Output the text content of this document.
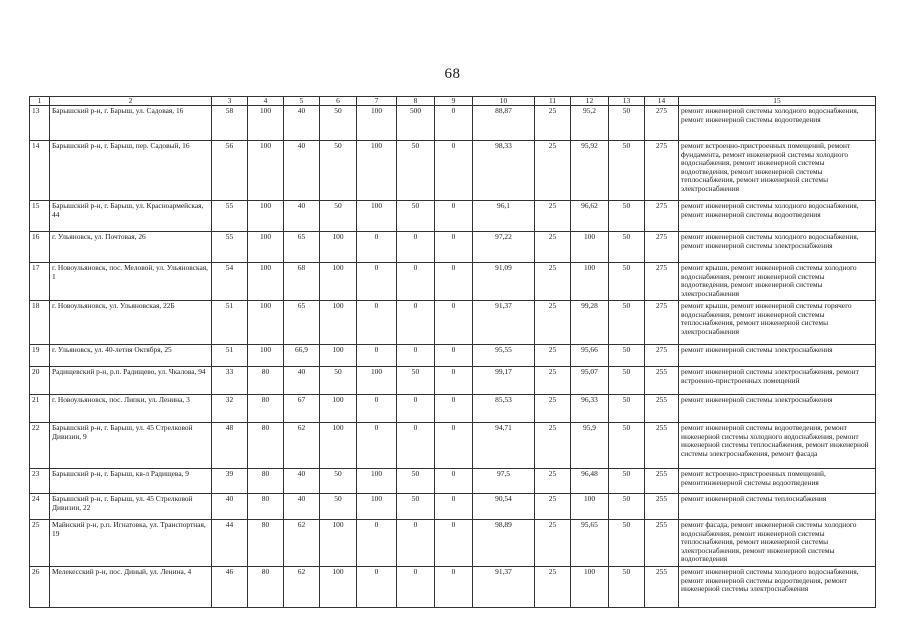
68
1	2	3	4	5	6	7	8	9	10	11	12	13	14	15
13	Барышский р-н, г. Барыш, ул. Садовая, 16	58	100	40	50	100	500	0	88,87	25	95,2	50	275	ремонт инженерной системы холодного водоснабжения, ремонт инженерной системы водоотведения
14	Барышский р-н, г. Барыш, пер. Садовый, 16	56	100	40	50	100	50	0	98,33	25	95,92	50	275	ремонт встроенно-пристроенных помещений, ремонт фундамента, ремонт инженерной системы холодного водоснабжения, ремонт инженерной системы водоотведения, ремонт инженерной системы теплоснабжения, ремонт инженерной системы электроснабжения
15	Барышский р-н, г. Барыш, ул. Красноармейская, 44	55	100	40	50	100	50	0	96,1	25	96,62	50	275	ремонт инженерной системы холодного водоснабжения, ремонт инженерной системы водоотведения
16	г. Ульяновск, ул. Почтовая, 26	55	100	65	100	0	0	0	97,22	25	100	50	275	ремонт инженерной системы холодного водоснабжения, ремонт инженерной системы электроснабжения
17	г. Новоульяновск, пос. Меловой, ул. Ульяновская, 1	54	100	68	100	0	0	0	91,09	25	100	50	275	ремонт крыши, ремонт инженерной системы холодного водоснабжения, ремонт инженерной системы водоотведения, ремонт инженерной системы электроснабжения
18	г. Новоульяновск, ул. Ульяновская, 22Б	51	100	65	100	0	0	0	91,37	25	99,28	50	275	ремонт крыши, ремонт инженерной системы горячего водоснабжения, ремонт инженерной системы теплоснабжения, ремонт инженерной системы электроснабжения
19	г. Ульяновск, ул. 40-летия Октября, 25	51	100	66,9	100	0	0	0	95,55	25	95,66	50	275	ремонт инженерной системы электроснабжения
20	Радищевский р-н, р.п. Радищево, ул. Чкалова, 94	33	80	40	50	100	50	0	99,17	25	95,07	50	255	ремонт инженерной системы электроснабжения, ремонт встроенно-пристроенных помещений
21	г. Новоульяновск, пос. Липки, ул. Ленина, 3	32	80	67	100	0	0	0	85,53	25	96,33	50	255	ремонт инженерной системы электроснабжения
22	Барышский р-н, г. Барыш, ул. 45 Стрелковой Дивизии, 9	48	80	62	100	0	0	0	94,71	25	95,9	50	255	ремонт инженерной системы водоотведения, ремонт инженерной системы холодного водоснабжения, ремонт инженерной системы теплоснабжения, ремонт инженерной системы электроснабжения, ремонт фасада
23	Барышский р-н, г. Барыш, кв-л Радищева, 9	39	80	40	50	100	50	0	97,5	25	96,48	50	255	ремонт встроенно-пристроенных помещений, ремонтинженерной системы водоотведения
24	Барышский р-н, г. Барыш, ул. 45 Стрелковой Дивизии, 22	40	80	40	50	100	50	0	90,54	25	100	50	255	ремонт инженерной системы теплоснабжения
25	Майнский р-н, р.п. Игнатовка, ул. Транспортная, 19	44	80	62	100	0	0	0	98,89	25	95,65	50	255	ремонт фасада, ремонт инженерной системы холодного водоснабжения, ремонт инженерной системы теплоснабжения, ремонт инженерной системы электроснабжения, ремонт инженерной системы водоотведения
26	Мелекесский р-н, пос. Диный, ул. Ленина, 4	46	80	62	100	0	0	0	91,37	25	100	50	255	ремонт инженерной системы холодного водоснабжения, ремонт инженерной системы водоотведения, ремонт инженерной системы электроснабжения
